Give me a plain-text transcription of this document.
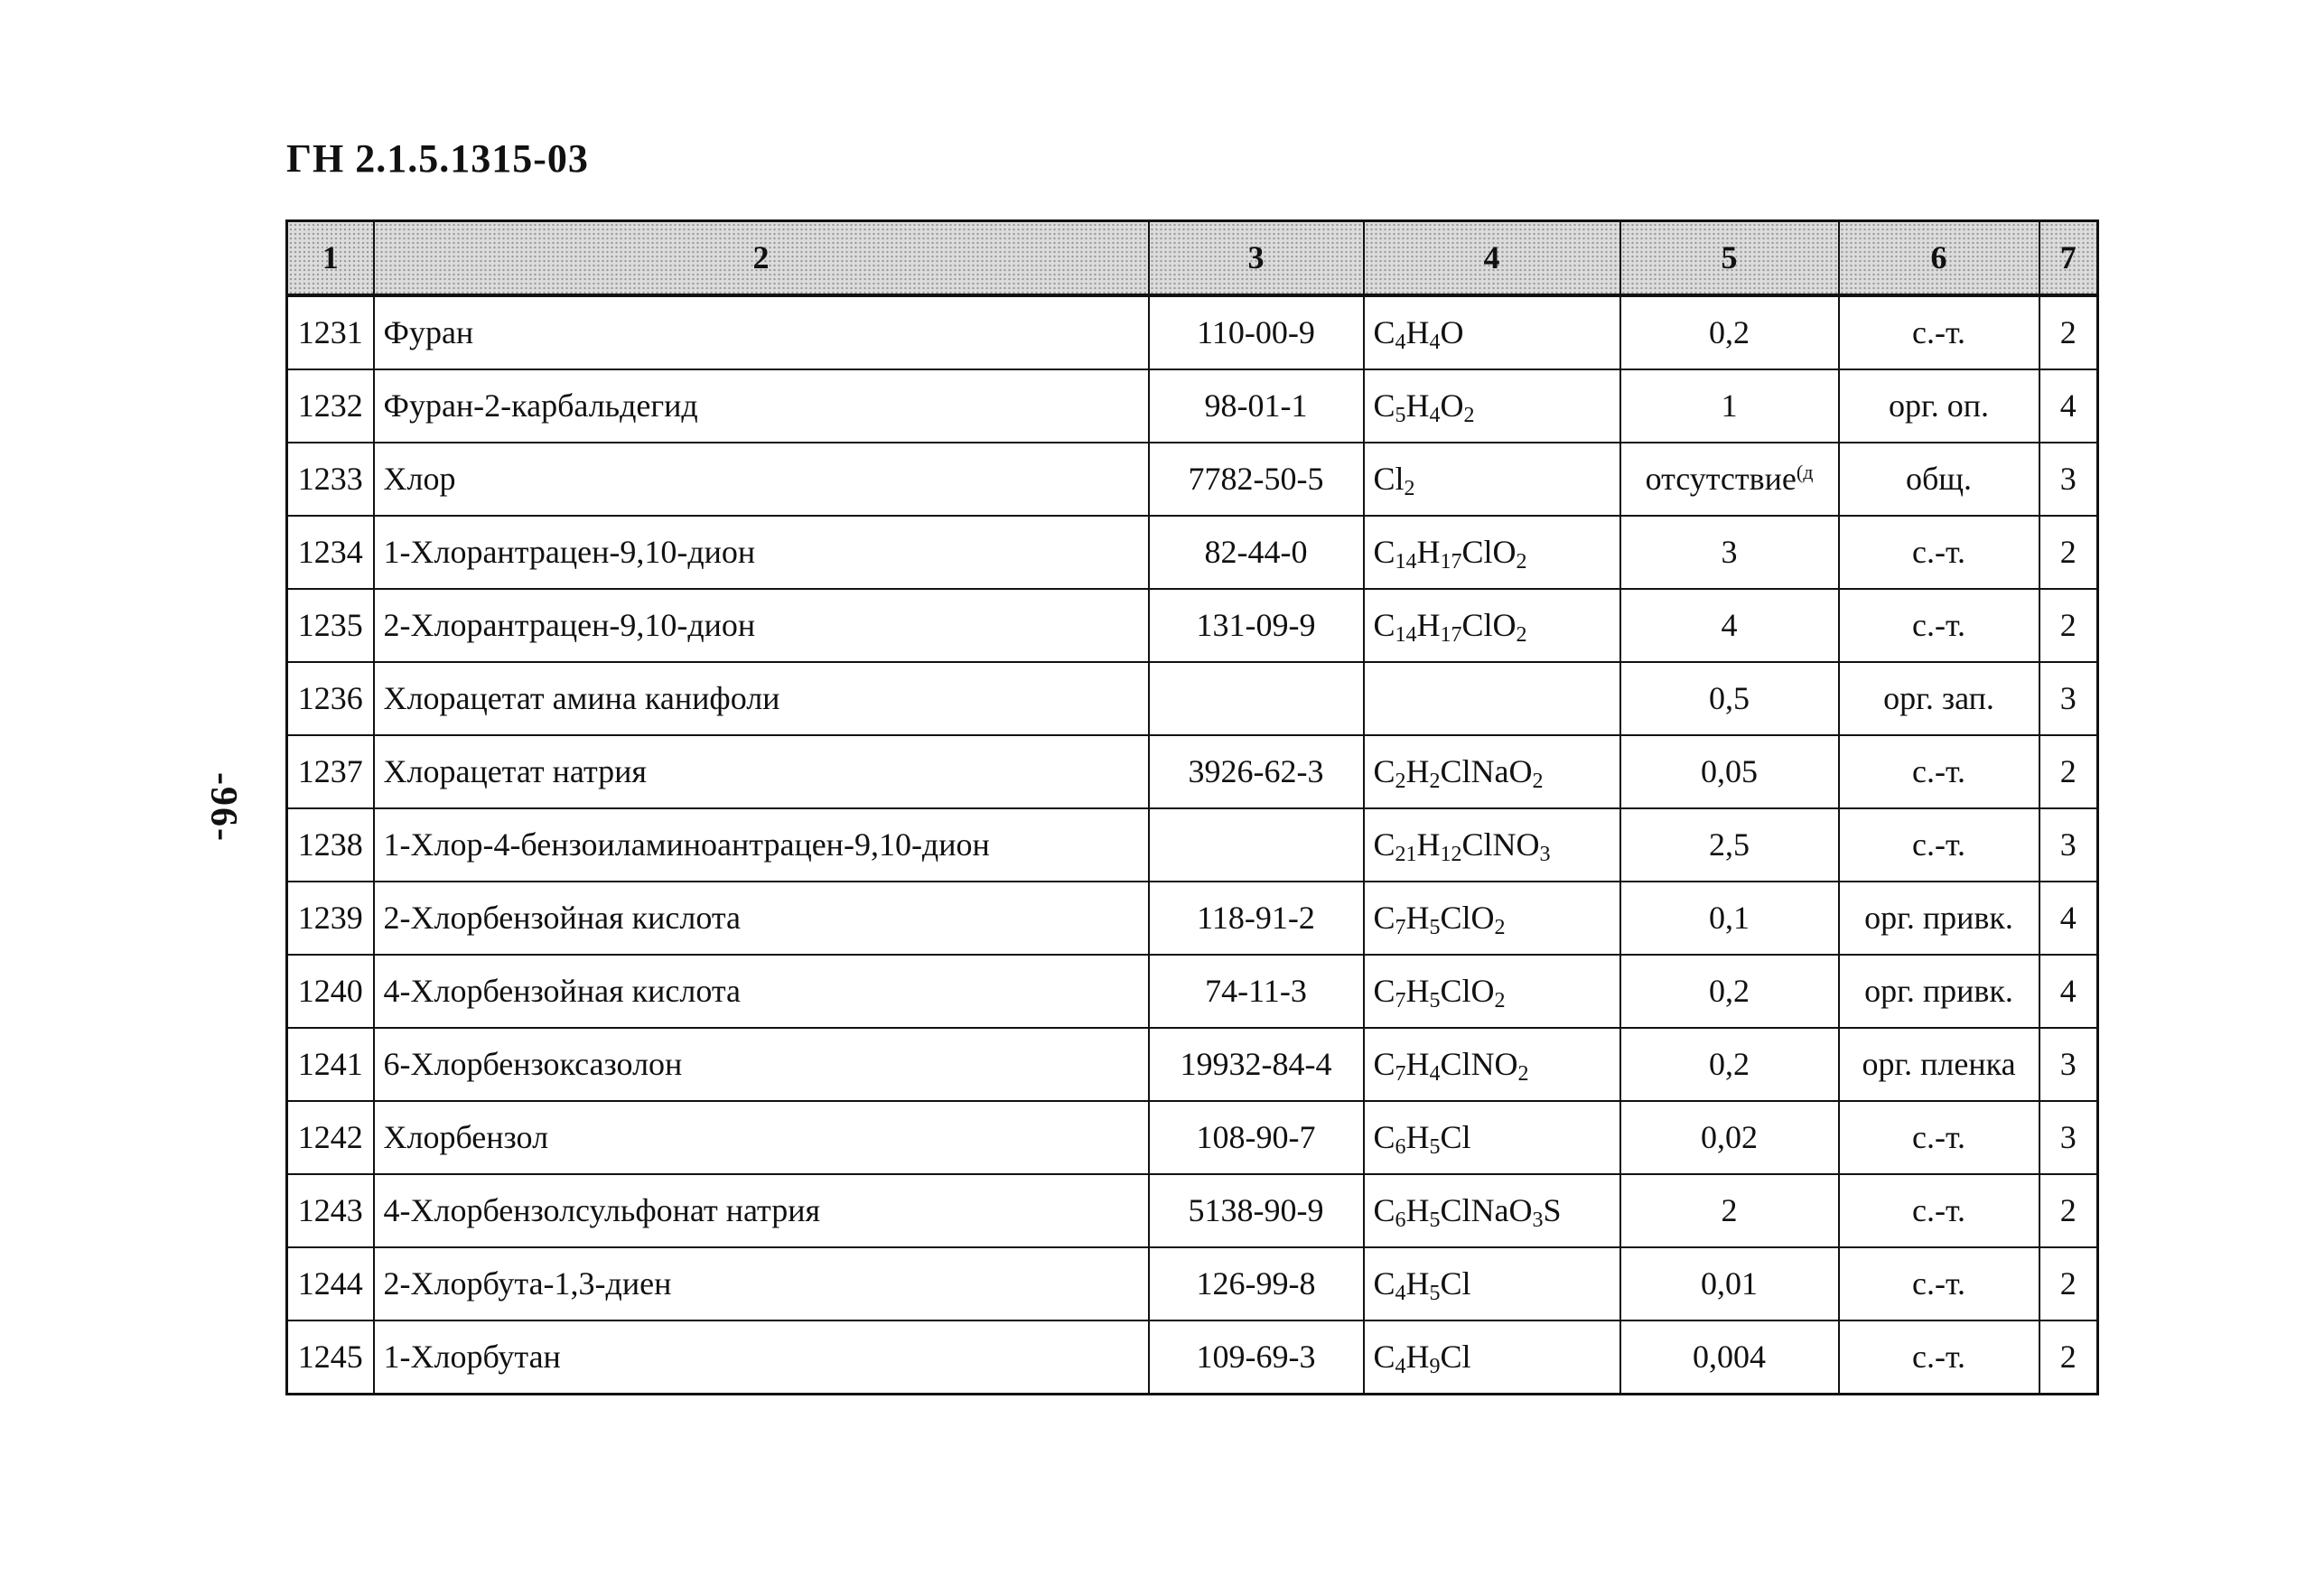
ГН 2.1.5.1315-03
-96-
1	2	3	4	5	6	7
1231	Фуран	110-00-9	$C_4H_4O$	0,2	с.-т.	2
1232	Фуран-2-карбальдегид	98-01-1	$C_5H_4O_2$	1	орг. оп.	4
1233	Хлор	7782-50-5	$Cl_2$	отсутствие$^{(д}$	общ.	3
1234	1-Хлорантрацен-9,10-дион	82-44-0	$C_{14}H_{17}ClO_2$	3	с.-т.	2
1235	2-Хлорантрацен-9,10-дион	131-09-9	$C_{14}H_{17}ClO_2$	4	с.-т.	2
1236	Хлорацетат амина канифоли			0,5	орг. зап.	3
1237	Хлорацетат натрия	3926-62-3	$C_2H_2ClNaO_2$	0,05	с.-т.	2
1238	1-Хлор-4-бензоиламиноантрацен-9,10-дион		$C_{21}H_{12}ClNO_3$	2,5	с.-т.	3
1239	2-Хлорбензойная кислота	118-91-2	$C_7H_5ClO_2$	0,1	орг. привк.	4
1240	4-Хлорбензойная кислота	74-11-3	$C_7H_5ClO_2$	0,2	орг. привк.	4
1241	6-Хлорбензоксазолон	19932-84-4	$C_7H_4ClNO_2$	0,2	орг. пленка	3
1242	Хлорбензол	108-90-7	$C_6H_5Cl$	0,02	с.-т.	3
1243	4-Хлорбензолсульфонат натрия	5138-90-9	$C_6H_5ClNaO_3S$	2	с.-т.	2
1244	2-Хлорбута-1,3-диен	126-99-8	$C_4H_5Cl$	0,01	с.-т.	2
1245	1-Хлорбутан	109-69-3	$C_4H_9Cl$	0,004	с.-т.	2
